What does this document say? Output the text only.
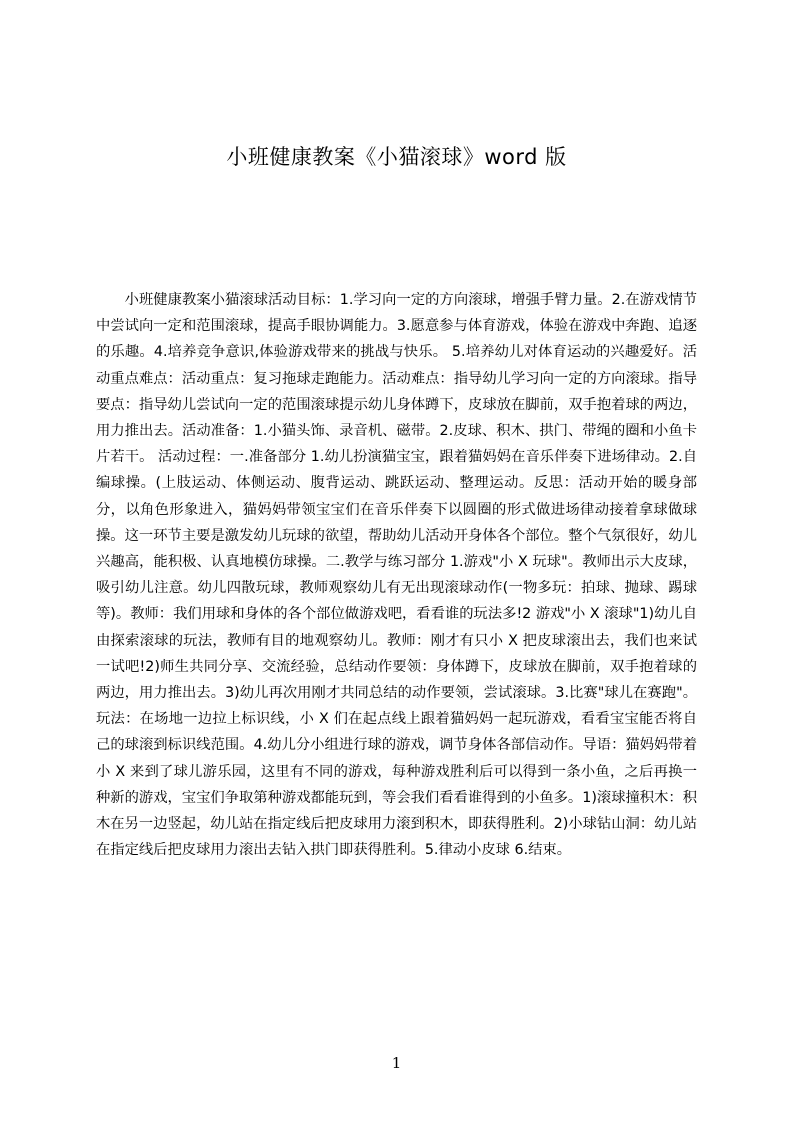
小班健康教案《小猫滚球》word 版

小班健康教案小猫滚球活动目标：1.学习向一定的方向滚球，增强手臂力量。2.在游戏情节中尝试向一定和范围滚球，提高手眼协调能力。3.愿意参与体育游戏，体验在游戏中奔跑、追逐的乐趣。4.培养竞争意识,体验游戏带来的挑战与快乐。 5.培养幼儿对体育运动的兴趣爱好。活动重点难点：活动重点：复习拖球走跑能力。活动难点：指导幼儿学习向一定的方向滚球。指导要点：指导幼儿尝试向一定的范围滚球提示幼儿身体蹲下，皮球放在脚前，双手抱着球的两边，用力推出去。活动准备：1.小猫头饰、录音机、磁带。2.皮球、积木、拱门、带绳的圈和小鱼卡片若干。 活动过程：一.准备部分 1.幼儿扮演猫宝宝，跟着猫妈妈在音乐伴奏下进场律动。2.自编球操。(上肢运动、体侧运动、腹背运动、跳跃运动、整理运动。反思：活动开始的暖身部分，以角色形象进入，猫妈妈带领宝宝们在音乐伴奏下以圆圈的形式做进场律动接着拿球做球操。这一环节主要是激发幼儿玩球的欲望，帮助幼儿活动开身体各个部位。整个气氛很好，幼儿兴趣高，能积极、认真地模仿球操。二.教学与练习部分 1.游戏"小 X 玩球"。教师出示大皮球，吸引幼儿注意。幼儿四散玩球，教师观察幼儿有无出现滚球动作(一物多玩：拍球、抛球、踢球等)。教师：我们用球和身体的各个部位做游戏吧，看看谁的玩法多!2 游戏"小 X 滚球"1)幼儿自由探索滚球的玩法，教师有目的地观察幼儿。教师：刚才有只小 X 把皮球滚出去，我们也来试一试吧!2)师生共同分享、交流经验，总结动作要领：身体蹲下，皮球放在脚前，双手抱着球的两边，用力推出去。3)幼儿再次用刚才共同总结的动作要领，尝试滚球。3.比赛"球儿在赛跑"。玩法：在场地一边拉上标识线，小 X 们在起点线上跟着猫妈妈一起玩游戏，看看宝宝能否将自己的球滚到标识线范围。4.幼儿分小组进行球的游戏，调节身体各部信动作。导语：猫妈妈带着小 X 来到了球儿游乐园，这里有不同的游戏，每种游戏胜利后可以得到一条小鱼，之后再换一种新的游戏，宝宝们争取第种游戏都能玩到，等会我们看看谁得到的小鱼多。1)滚球撞积木：积木在另一边竖起，幼儿站在指定线后把皮球用力滚到积木，即获得胜利。2)小球钻山洞：幼儿站在指定线后把皮球用力滚出去钻入拱门即获得胜利。5.律动小皮球 6.结束。

1
